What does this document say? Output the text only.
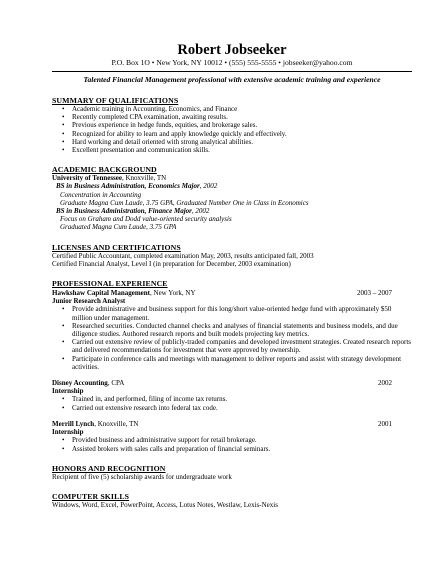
Robert Jobseeker
P.O. Box 1O • New York, NY 10012 • (555) 555-5555 • jobseeker@yahoo.com
Talented Financial Management professional with extensive academic training and experience
SUMMARY OF QUALIFICATIONS
• Academic training in Accounting, Economics, and Finance
• Recently completed CPA examination, awaiting results.
• Previous experience in hedge funds, equities, and brokerage sales.
• Recognized for ability to learn and apply knowledge quickly and effectively.
• Hard working and detail oriented with strong analytical abilities.
• Excellent presentation and communication skills.
ACADEMIC BACKGROUND
University of Tennessee, Knoxville, TN
BS in Business Administration, Economics Major, 2002
Concentration in Accounting
Graduate Magna Cum Laude, 3.75 GPA, Graduated Number One in Class in Economics
BS in Business Administration, Finance Major, 2002
Focus on Graham and Dodd value-oriented security analysis
Graduated Magna Cum Laude, 3.75 GPA
LICENSES AND CERTIFICATIONS
Certified Public Accountant, completed examination May, 2003, results anticipated fall, 2003
Certified Financial Analyst, Level I (in preparation for December, 2003 examination)
PROFESSIONAL EXPERIENCE
Hawkshaw Capital Management, New York, NY	2003 – 2007
Junior Research Analyst
• Provide administrative and business support for this long/short value-oriented hedge fund with approximately $50 million under management.
• Researched securities. Conducted channel checks and analyses of financial statements and business models, and due diligence studies. Authored research reports and built models projecting key metrics.
• Carried out extensive review of publicly-traded companies and developed investment strategies. Created research reports and delivered recommendations for investment that were approved by ownership.
• Participate in conference calls and meetings with management to deliver reports and assist with strategy development activities.
Disney Accounting, CPA	2002
Internship
• Trained in, and performed, filing of income tax returns.
• Carried out extensive research into federal tax code.
Merrill Lynch, Knoxville, TN	2001
Internship
• Provided business and administrative support for retail brokerage.
• Assisted brokers with sales calls and preparation of financial seminars.
HONORS AND RECOGNITION
Recipient of five (5) scholarship awards for undergraduate work
COMPUTER SKILLS
Windows, Word, Excel, PowerPoint, Access, Lotus Notes, Westlaw, Lexis-Nexis
